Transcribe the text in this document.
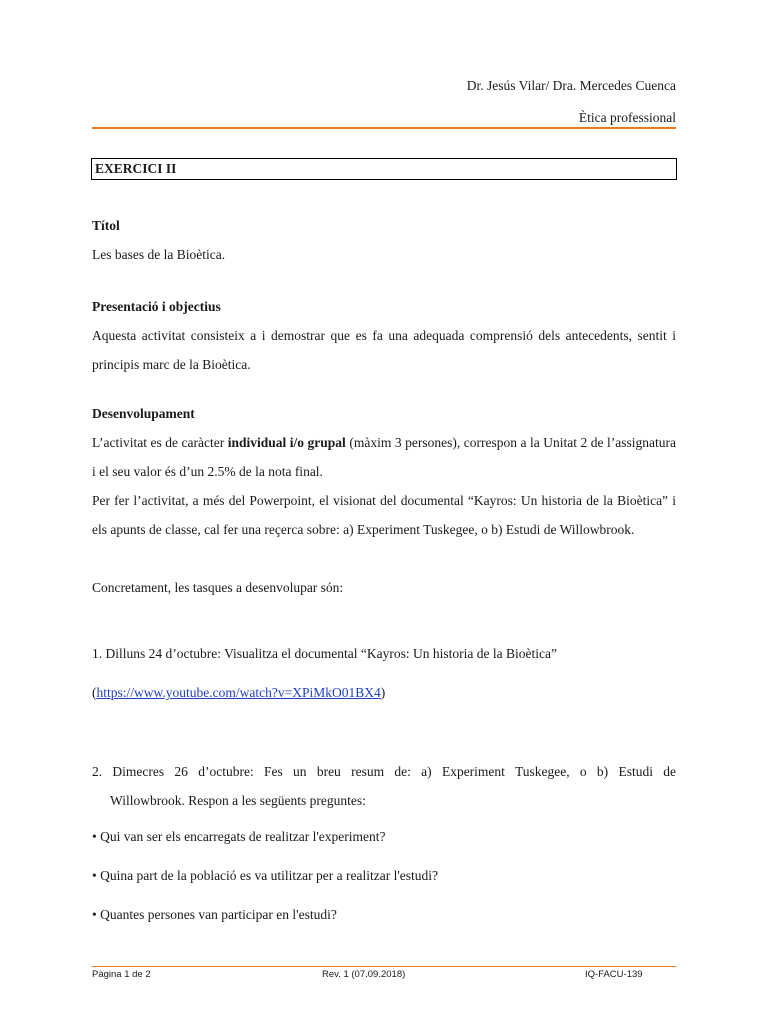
Dr. Jesús Vilar/ Dra. Mercedes Cuenca
Ètica professional
EXERCICI II
Títol
Les bases de la Bioètica.
Presentació i objectius
Aquesta activitat consisteix a i demostrar que es fa una adequada comprensió dels antecedents, sentit i principis marc de la Bioètica.
Desenvolupament
L’activitat es de caràcter individual i/o grupal (màxim 3 persones), correspon a la Unitat 2 de l’assignatura i el seu valor és d’un 2.5% de la nota final.
Per fer l’activitat, a més del Powerpoint, el visionat del documental “Kayros: Un historia de la Bioètica” i els apunts de classe, cal fer una reçerca sobre: a) Experiment Tuskegee, o b) Estudi de Willowbrook.
Concretament, les tasques a desenvolupar són:
1. Dilluns 24 d’octubre: Visualitza el documental “Kayros: Un historia de la Bioètica”
(https://www.youtube.com/watch?v=XPiMkO01BX4)
2. Dimecres 26 d’octubre: Fes un breu resum de: a) Experiment Tuskegee, o b) Estudi de
Willowbrook. Respon a les següents preguntes:
• Qui van ser els encarregats de realitzar l'experiment?
• Quina part de la població es va utilitzar per a realitzar l'estudi?
• Quantes persones van participar en l'estudi?
Pàgina 1 de 2	Rev. 1 (07.09.2018)	IQ-FACU-139
